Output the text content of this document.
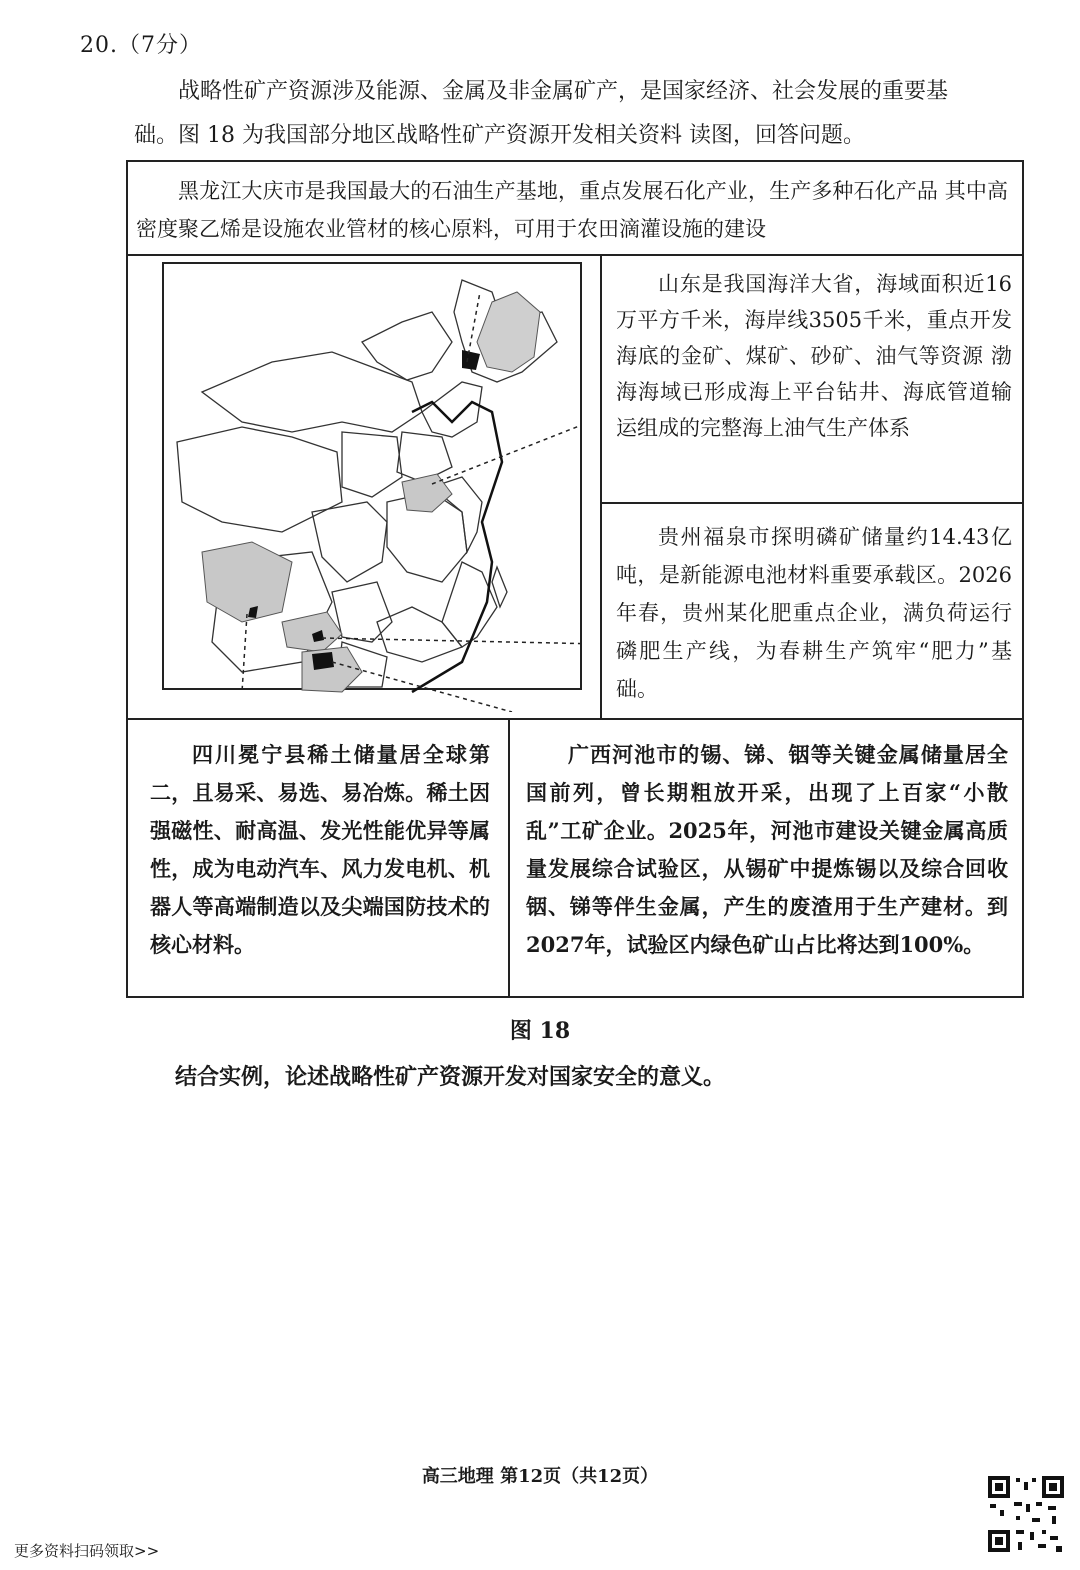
20.（7分）
战略性矿产资源涉及能源、金属及非金属矿产，是国家经济、社会发展的重要基
础。图 18 为我国部分地区战略性矿产资源开发相关资料 读图，回答问题。
黑龙江大庆市是我国最大的石油生产基地，重点发展石化产业，生产多种石化产品 其中高密度聚乙烯是设施农业管材的核心原料，可用于农田滴灌设施的建设
山东是我国海洋大省，海域面积近16万平方千米，海岸线3505千米，重点开发海底的金矿、煤矿、砂矿、油气等资源 渤海海域已形成海上平台钻井、海底管道输运组成的完整海上油气生产体系
贵州福泉市探明磷矿储量约14.43亿吨，是新能源电池材料重要承载区。2026年春，贵州某化肥重点企业，满负荷运行磷肥生产线，为春耕生产筑牢“肥力”基础。
四川冕宁县稀土储量居全球第二，且易采、易选、易冶炼。稀土因强磁性、耐高温、发光性能优异等属性，成为电动汽车、风力发电机、机器人等高端制造以及尖端国防技术的核心材料。
广西河池市的锡、锑、铟等关键金属储量居全国前列，曾长期粗放开采，出现了上百家“小散乱”工矿企业。2025年，河池市建设关键金属高质量发展综合试验区，从锡矿中提炼锡以及综合回收铟、锑等伴生金属，产生的废渣用于生产建材。到2027年，试验区内绿色矿山占比将达到100%。
图 18
结合实例，论述战略性矿产资源开发对国家安全的意义。
高三地理 第12页（共12页）
更多资料扫码领取>>
